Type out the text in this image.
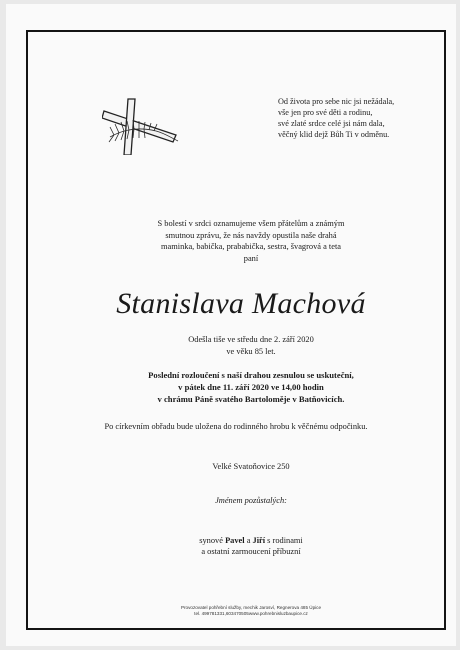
Od života pro sebe nic jsi nežádala,
vše jen pro své děti a rodinu,
své zlaté srdce celé jsi nám dala,
věčný klid dejž Bůh Ti v odměnu.
S bolestí v srdci oznamujeme všem přátelům a známým
smutnou zprávu, že nás navždy opustila naše drahá
maminka, babička, prababička, sestra, švagrová a teta
paní
Stanislava Machová
Odešla tiše ve středu dne 2. září 2020
ve věku 85 let.
Poslední rozloučení s naší drahou zesnulou se uskuteční,
v pátek dne 11. září 2020 ve 14,00 hodin
v chrámu Páně svatého Bartoloměje v Batňovicích.
Po církevním obřadu bude uložena do rodinného hrobu k věčnému odpočinku.
Velké Svatoňovice 250
Jménem pozůstalých:
synové Pavel a Jiří s rodinami
a ostatní zarmoucení příbuzní
Provozovatel pohřební služby, mechik Jarosví, Regnerova 485 Úpice
tel. 499781331,603470505www.pohrebnisluzbaupice.cz
